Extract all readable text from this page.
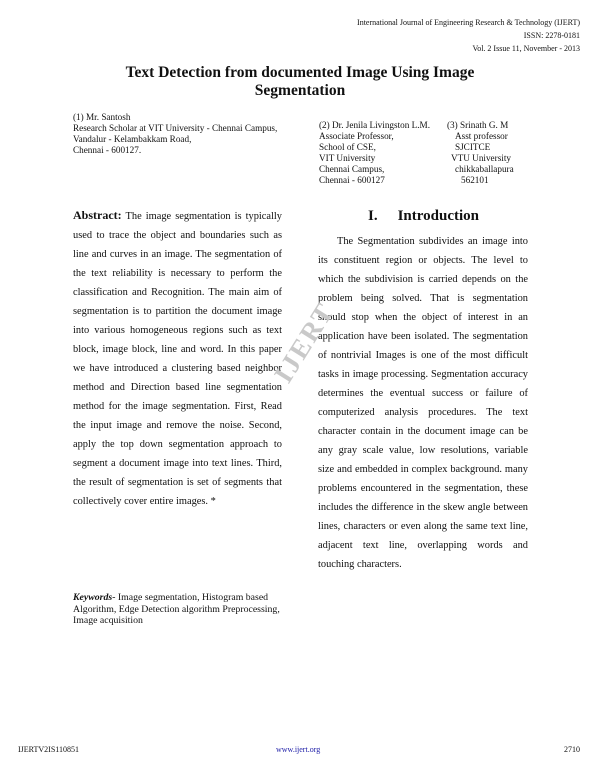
International Journal of Engineering Research & Technology (IJERT)
ISSN: 2278-0181
Vol. 2 Issue 11, November - 2013
Text Detection from documented Image Using Image
Segmentation
(1) Mr. Santosh
Research Scholar at VIT University - Chennai Campus,
Vandalur - Kelambakkam Road,
Chennai - 600127.
(2) Dr. Jenila Livingston L.M.
Associate Professor,
School of CSE,
VIT University
Chennai Campus,
Chennai - 600127
(3) Srinath G. M
Asst professor
SJCITCE
VTU University
chikkaballapura
562101
Abstract: The image segmentation is typically used to trace the object and boundaries such as line and curves in an image. The segmentation of the text reliability is necessary to perform the classification and Recognition. The main aim of segmentation is to partition the document image into various homogeneous regions such as text block, image block, line and word. In this paper we have introduced a clustering based neighbor method and Direction based line segmentation method for the image segmentation. First, Read the input image and remove the noise. Second, apply the top down segmentation approach to segment a document image into text lines. Third, the result of segmentation is set of segments that collectively cover entire images. *
Keywords- Image segmentation, Histogram based Algorithm, Edge Detection algorithm Preprocessing, Image acquisition
I. Introduction
The Segmentation subdivides an image into its constituent region or objects. The level to which the subdivision is carried depends on the problem being solved. That is segmentation should stop when the object of interest in an application have been isolated. The segmentation of nontrivial Images is one of the most difficult tasks in image processing. Segmentation accuracy determines the eventual success or failure of computerized analysis procedures. The text character contain in the document image can be any gray scale value, low resolutions, variable size and embedded in complex background. many problems encountered in the segmentation, these includes the difference in the skew angle between lines, characters or even along the same text line, adjacent text line, overlapping words and touching characters.
IJERT
IJERTV2IS110851	www.ijert.org	2710
